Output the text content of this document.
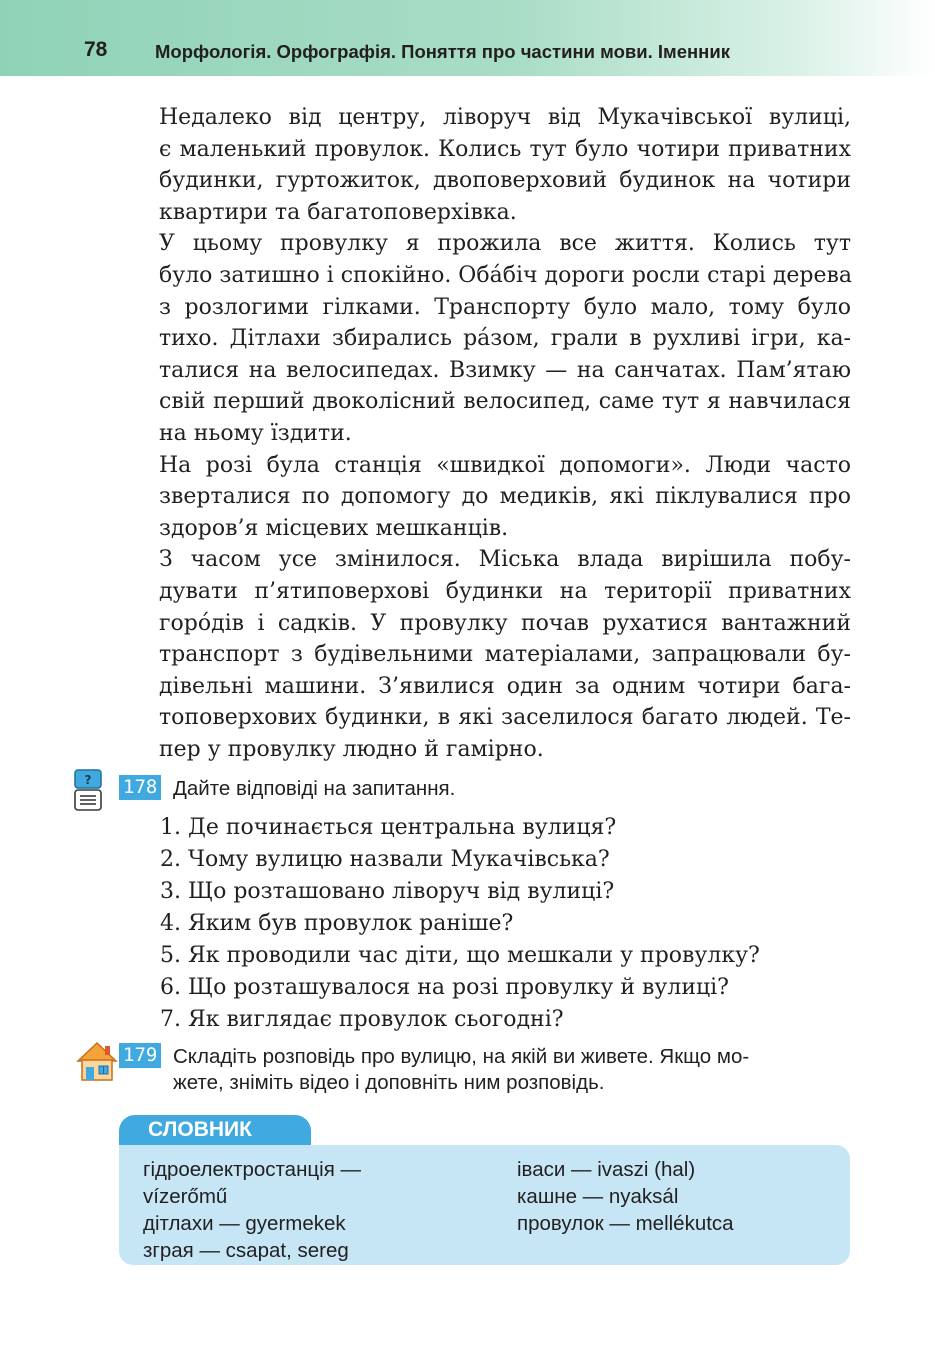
78	Морфологія. Орфографія. Поняття про частини мови. Іменник

Недалеко від центру, ліворуч від Мукачівської вулиці,
є маленький провулок. Колись тут було чотири приватних
будинки, гуртожиток, двоповерховий будинок на чотири
квартири та багатоповерхівка.

У цьому провулку я прожила все життя. Колись тут
було затишно і спокійно. Оба́біч дороги росли старі дерева
з розлогими гілками. Транспорту було мало, тому було
тихо. Дітлахи збирались ра́зом, грали в рухливі ігри, ка-
талися на велосипедах. Взимку — на санчатах. Пам’ятаю
свій перший двоколісний велосипед, саме тут я навчилася
на ньому їздити.

На розі була станція «швидкої допомоги». Люди часто
зверталися по допомогу до медиків, які піклувалися про
здоров’я місцевих мешканців.

З часом усе змінилося. Міська влада вирішила побу-
дувати п’ятиповерхові будинки на території приватних
горо́дів і садків. У провулку почав рухатися вантажний
транспорт з будівельними матеріалами, запрацювали бу-
дівельні машини. З’явилися один за одним чотири бага-
топоверхових будинки, в які заселилося багато людей. Те-
пер у провулку людно й гамірно.

? 178 Дайте відповіді на запитання.
1. Де починається центральна вулиця?
2. Чому вулицю назвали Мукачівська?
3. Що розташовано ліворуч від вулиці?
4. Яким був провулок раніше?
5. Як проводили час діти, що мешкали у провулку?
6. Що розташувалося на розі провулку й вулиці?
7. Як виглядає провулок сьогодні?
179 Складіть розповідь про вулицю, на якій ви живете. Якщо мо-
жете, зніміть відео і доповніть ним розповідь.
СЛОВНИК
гідроелектростанція —
vízerőmű
дітлахи — gyermekek
зграя — csapat, sereg
іваси — ivaszi (hal)
кашне — nyaksál
провулок — mellékutca
